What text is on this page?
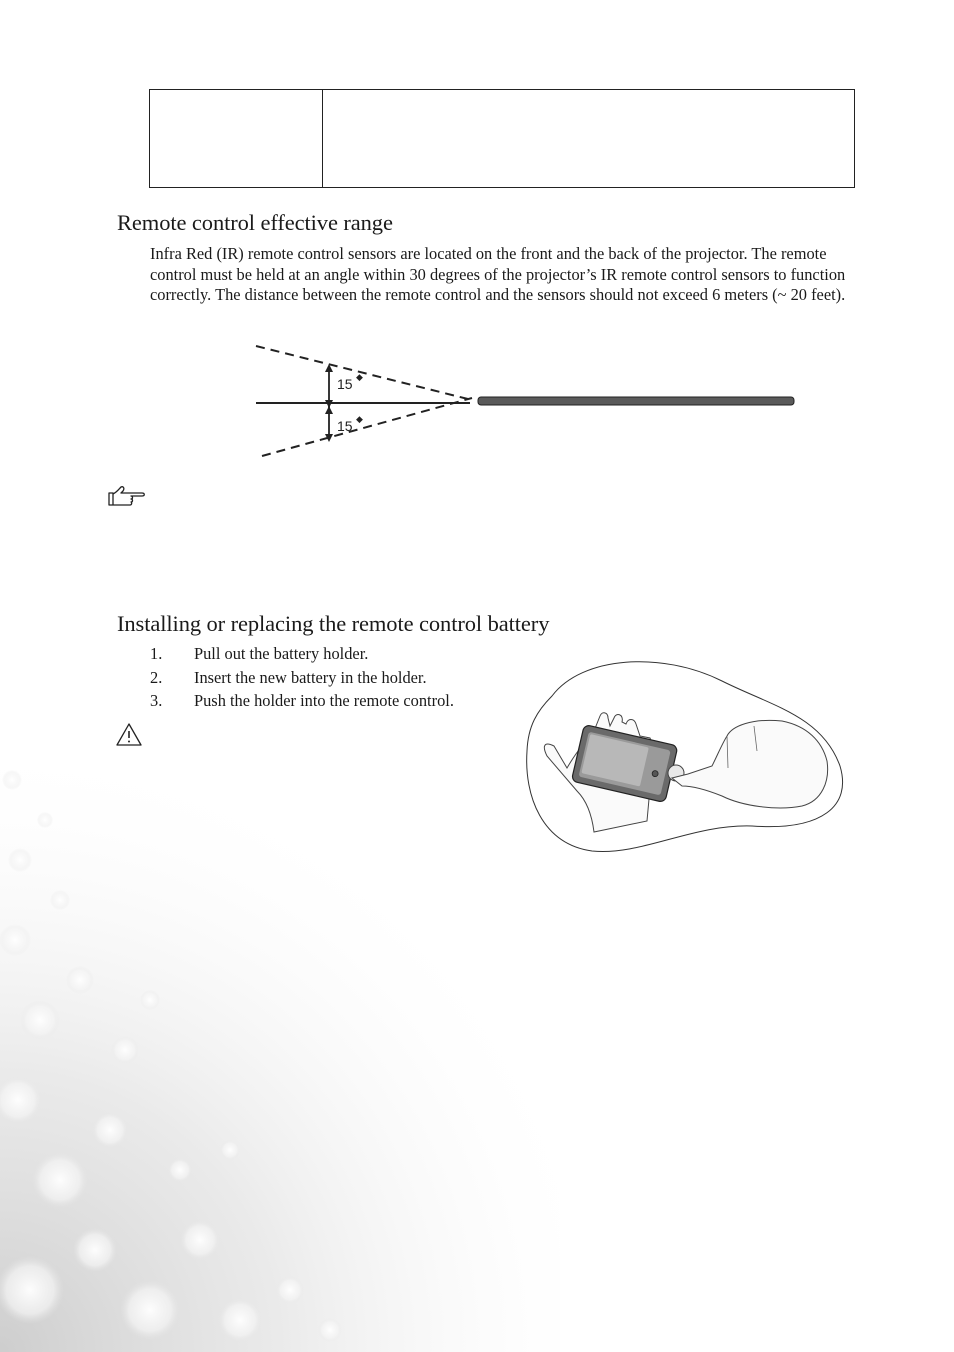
Remote control effective range

Infra Red (IR) remote control sensors are located on the front and the back of the projector. The remote control must be held at an angle within 30 degrees of the projector’s IR remote control sensors to function correctly. The distance between the remote control and the sensors should not exceed 6 meters (~ 20 feet).

15 ◆
15 ◆
Installing or replacing the remote control battery
1. Pull out the battery holder.
2. Insert the new battery in the holder.
3. Push the holder into the remote control.
